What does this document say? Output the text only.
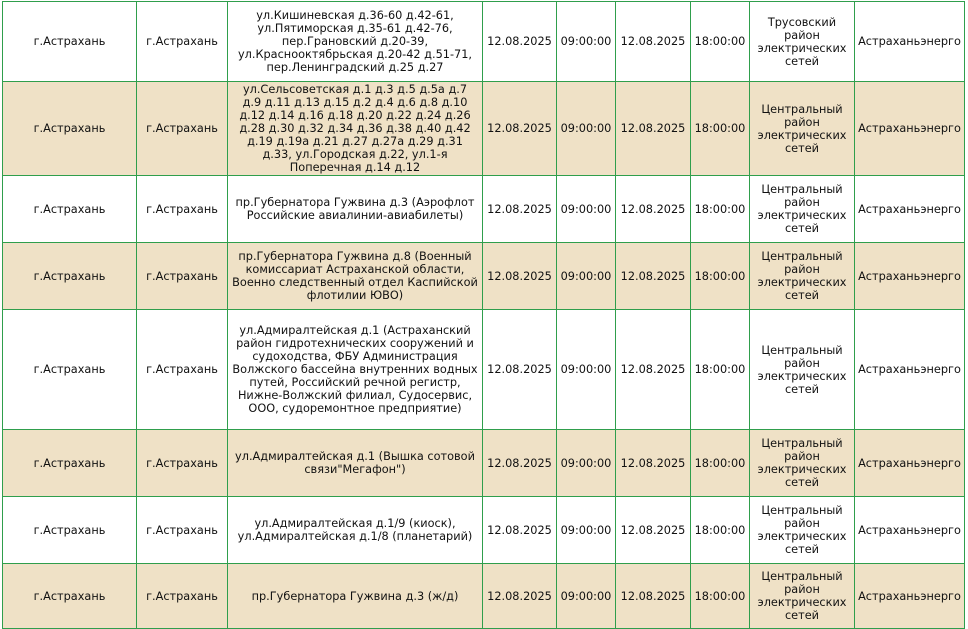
г.Астрахань	г.Астрахань	ул.Кишиневская д.36-60 д.42-61,
ул.Пятиморская д.35-61 д.42-76,
пер.Грановский д.20-39,
ул.Краснооктябрьская д.20-42 д.51-71,
пер.Ленинградский д.25 д.27	12.08.2025	09:00:00	12.08.2025	18:00:00	Трусовский район электрических сетей	Астраханьэнерго
г.Астрахань	г.Астрахань	ул.Сельсоветская д.1 д.3 д.5 д.5а д.7 д.9 д.11 д.13 д.15 д.2 д.4 д.6 д.8 д.10 д.12 д.14 д.16 д.18 д.20 д.22 д.24 д.26 д.28 д.30 д.32 д.34 д.36 д.38 д.40 д.42 д.19 д.19а д.21 д.27 д.27а д.29 д.31 д.33, ул.Городская д.22, ул.1-я Поперечная д.14 д.12	12.08.2025	09:00:00	12.08.2025	18:00:00	Центральный район электрических сетей	Астраханьэнерго
г.Астрахань	г.Астрахань	пр.Губернатора Гужвина д.3 (Аэрофлот Российские авиалинии-авиабилеты)	12.08.2025	09:00:00	12.08.2025	18:00:00	Центральный район электрических сетей	Астраханьэнерго
г.Астрахань	г.Астрахань	пр.Губернатора Гужвина д.8 (Военный комиссариат Астраханской области, Военно следственный отдел Каспийской флотилии ЮВО)	12.08.2025	09:00:00	12.08.2025	18:00:00	Центральный район электрических сетей	Астраханьэнерго
г.Астрахань	г.Астрахань	ул.Адмиралтейская д.1 (Астраханский район гидротехнических сооружений и судоходства, ФБУ Администрация Волжского бассейна внутренних водных путей, Российский речной регистр, Нижне-Волжский филиал, Судосервис, ООО, судоремонтное предприятие)	12.08.2025	09:00:00	12.08.2025	18:00:00	Центральный район электрических сетей	Астраханьэнерго
г.Астрахань	г.Астрахань	ул.Адмиралтейская д.1 (Вышка сотовой связи"Мегафон")	12.08.2025	09:00:00	12.08.2025	18:00:00	Центральный район электрических сетей	Астраханьэнерго
г.Астрахань	г.Астрахань	ул.Адмиралтейская д.1/9 (киоск),
ул.Адмиралтейская д.1/8 (планетарий)	12.08.2025	09:00:00	12.08.2025	18:00:00	Центральный район электрических сетей	Астраханьэнерго
г.Астрахань	г.Астрахань	пр.Губернатора Гужвина д.3 (ж/д)	12.08.2025	09:00:00	12.08.2025	18:00:00	Центральный район электрических сетей	Астраханьэнерго
